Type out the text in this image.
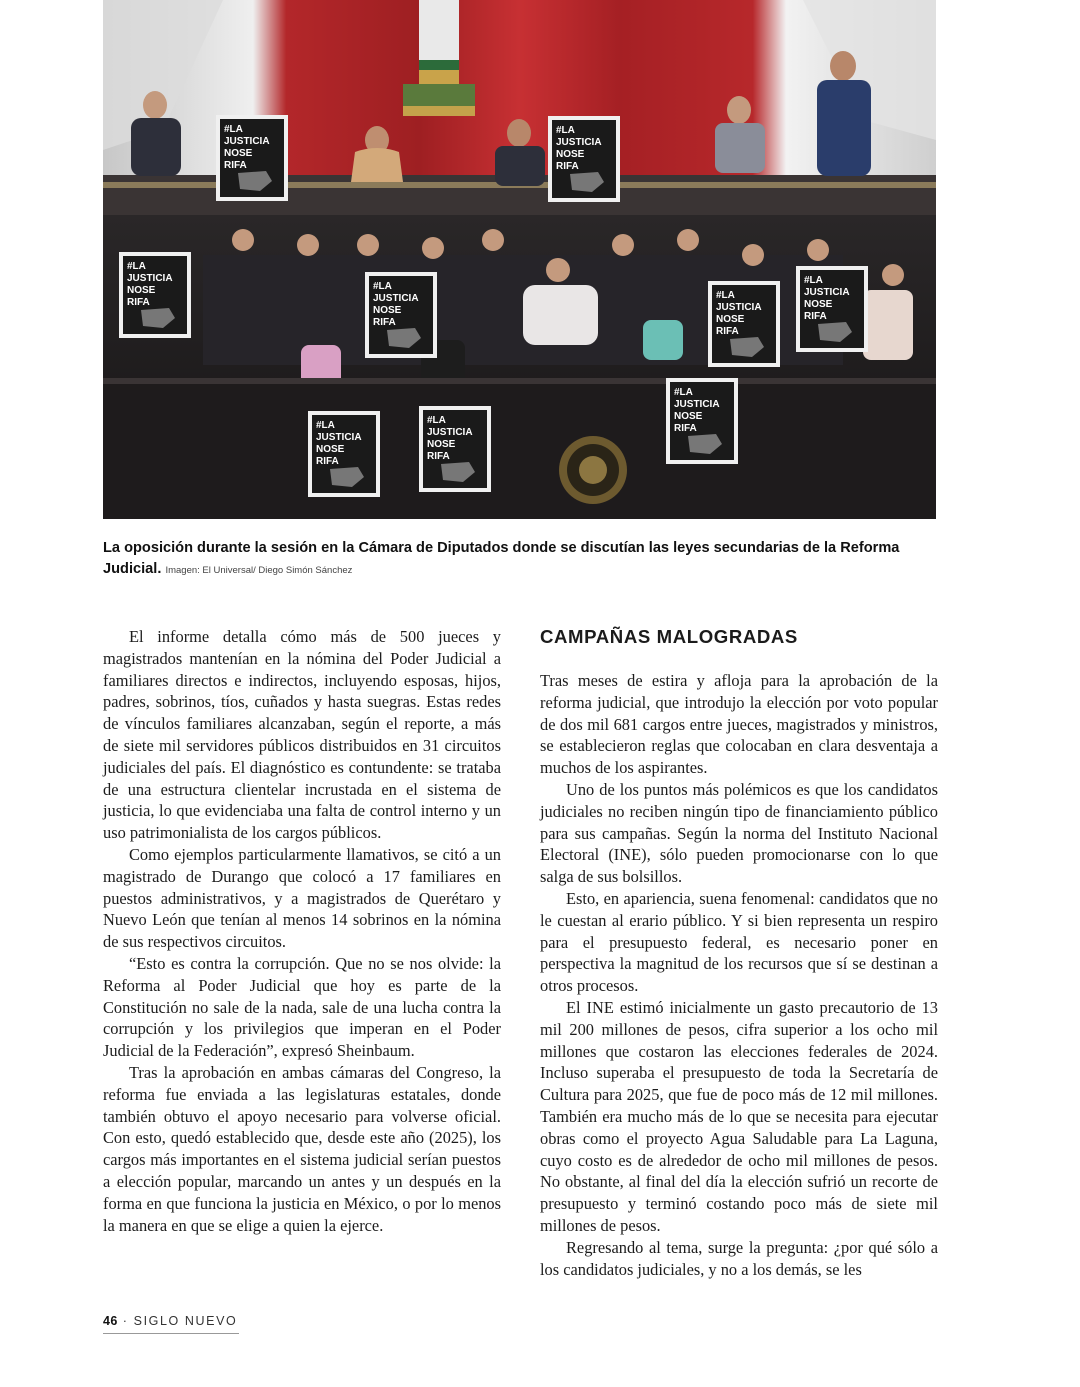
La oposición durante la sesión en la Cámara de Diputados donde se discutían las leyes secundarias de la Reforma Judicial. Imagen: El Universal/ Diego Simón Sánchez

El informe detalla cómo más de 500 jueces y magistrados mantenían en la nómina del Poder Judicial a familiares directos e indirectos, incluyendo esposas, hijos, padres, sobrinos, tíos, cuñados y hasta suegras. Estas redes de vínculos familiares alcanzaban, según el reporte, a más de siete mil servidores públicos distribuidos en 31 circuitos judiciales del país. El diagnóstico es contundente: se trataba de una estructura clientelar incrustada en el sistema de justicia, lo que evidenciaba una falta de control interno y un uso patrimonialista de los cargos públicos.

Como ejemplos particularmente llamativos, se citó a un magistrado de Durango que colocó a 17 familiares en puestos administrativos, y a magistrados de Querétaro y Nuevo León que tenían al menos 14 sobrinos en la nómina de sus respectivos circuitos.

“Esto es contra la corrupción. Que no se nos olvide: la Reforma al Poder Judicial que hoy es parte de la Constitución no sale de la nada, sale de una lucha contra la corrupción y los privilegios que imperan en el Poder Judicial de la Federación”, expresó Sheinbaum.

Tras la aprobación en ambas cámaras del Congreso, la reforma fue enviada a las legislaturas estatales, donde también obtuvo el apoyo necesario para volverse oficial. Con esto, quedó establecido que, desde este año (2025), los cargos más importantes en el sistema judicial serían puestos a elección popular, marcando un antes y un después en la forma en que funciona la justicia en México, o por lo menos la manera en que se elige a quien la ejerce.

CAMPAÑAS MALOGRADAS

Tras meses de estira y afloja para la aprobación de la reforma judicial, que introdujo la elección por voto popular de dos mil 681 cargos entre jueces, magistrados y ministros, se establecieron reglas que colocaban en clara desventaja a muchos de los aspirantes.

Uno de los puntos más polémicos es que los candidatos judiciales no reciben ningún tipo de financiamiento público para sus campañas. Según la norma del Instituto Nacional Electoral (INE), sólo pueden promocionarse con lo que salga de sus bolsillos.

Esto, en apariencia, suena fenomenal: candidatos que no le cuestan al erario público. Y si bien representa un respiro para el presupuesto federal, es necesario poner en perspectiva la magnitud de los recursos que sí se destinan a otros procesos.

El INE estimó inicialmente un gasto precautorio de 13 mil 200 millones de pesos, cifra superior a los ocho mil millones que costaron las elecciones federales de 2024. Incluso superaba el presupuesto de toda la Secretaría de Cultura para 2025, que fue de poco más de 12 mil millones. También era mucho más de lo que se necesita para ejecutar obras como el proyecto Agua Saludable para La Laguna, cuyo costo es de alrededor de ocho mil millones de pesos. No obstante, al final del día la elección sufrió un recorte de presupuesto y terminó costando poco más de siete mil millones de pesos.

Regresando al tema, surge la pregunta: ¿por qué sólo a los candidatos judiciales, y no a los demás, se les

46 · SIGLO NUEVO
